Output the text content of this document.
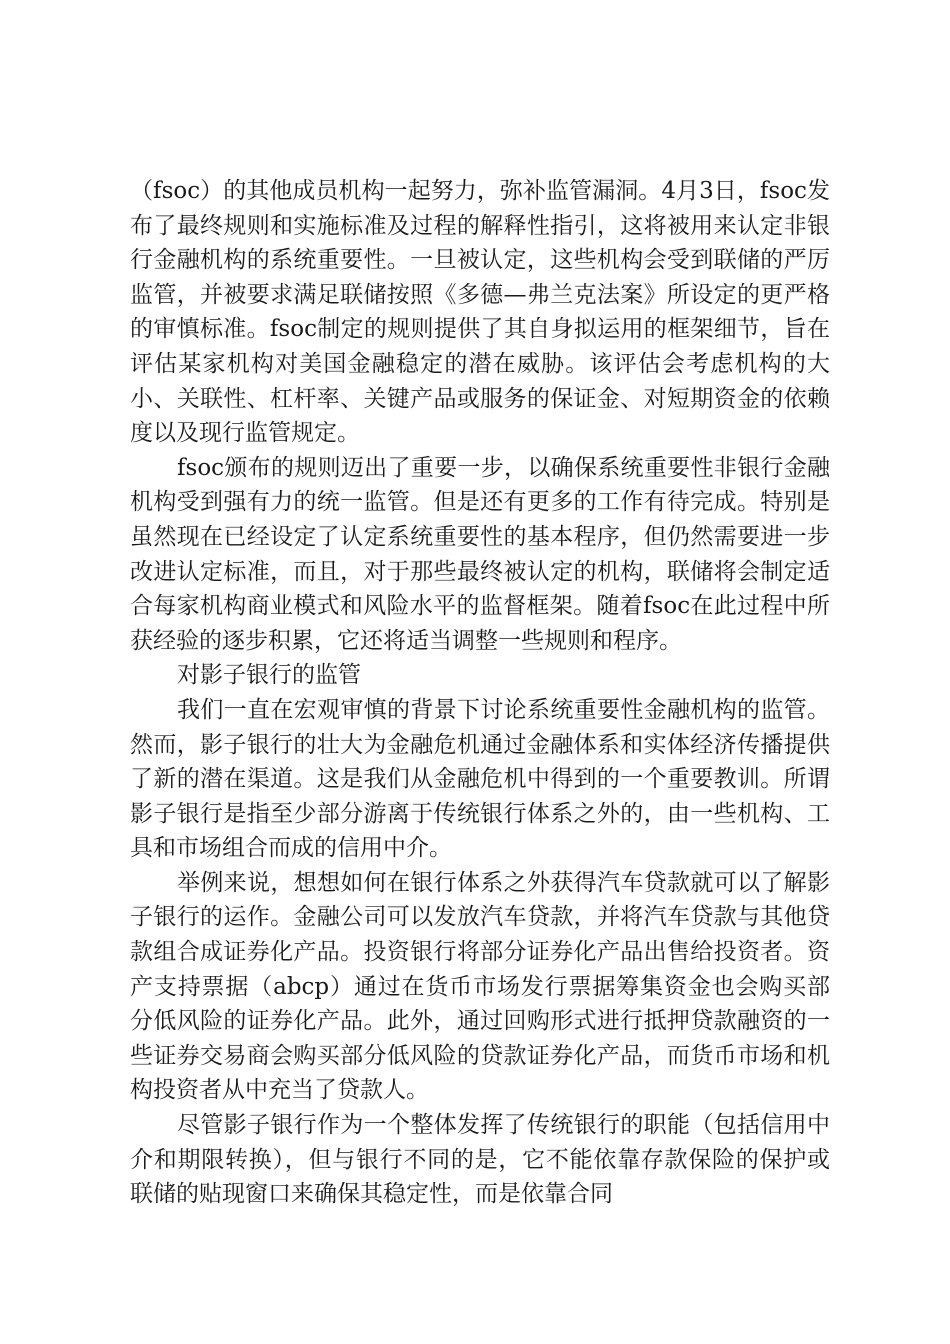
（fsoc）的其他成员机构一起努力，弥补监管漏洞。4月3日，fsoc发布了最终规则和实施标准及过程的解释性指引，这将被用来认定非银行金融机构的系统重要性。一旦被认定，这些机构会受到联储的严厉监管，并被要求满足联储按照《多德—弗兰克法案》所设定的更严格的审慎标准。fsoc制定的规则提供了其自身拟运用的框架细节，旨在评估某家机构对美国金融稳定的潜在威胁。该评估会考虑机构的大小、关联性、杠杆率、关键产品或服务的保证金、对短期资金的依赖度以及现行监管规定。

fsoc颁布的规则迈出了重要一步，以确保系统重要性非银行金融机构受到强有力的统一监管。但是还有更多的工作有待完成。特别是虽然现在已经设定了认定系统重要性的基本程序，但仍然需要进一步改进认定标准，而且，对于那些最终被认定的机构，联储将会制定适合每家机构商业模式和风险水平的监督框架。随着fsoc在此过程中所获经验的逐步积累，它还将适当调整一些规则和程序。

对影子银行的监管

我们一直在宏观审慎的背景下讨论系统重要性金融机构的监管。然而，影子银行的壮大为金融危机通过金融体系和实体经济传播提供了新的潜在渠道。这是我们从金融危机中得到的一个重要教训。所谓影子银行是指至少部分游离于传统银行体系之外的，由一些机构、工具和市场组合而成的信用中介。

举例来说，想想如何在银行体系之外获得汽车贷款就可以了解影子银行的运作。金融公司可以发放汽车贷款，并将汽车贷款与其他贷款组合成证券化产品。投资银行将部分证券化产品出售给投资者。资产支持票据（abcp）通过在货币市场发行票据筹集资金也会购买部分低风险的证券化产品。此外，通过回购形式进行抵押贷款融资的一些证券交易商会购买部分低风险的贷款证券化产品，而货币市场和机构投资者从中充当了贷款人。

尽管影子银行作为一个整体发挥了传统银行的职能（包括信用中介和期限转换），但与银行不同的是，它不能依靠存款保险的保护或联储的贴现窗口来确保其稳定性，而是依靠合同
